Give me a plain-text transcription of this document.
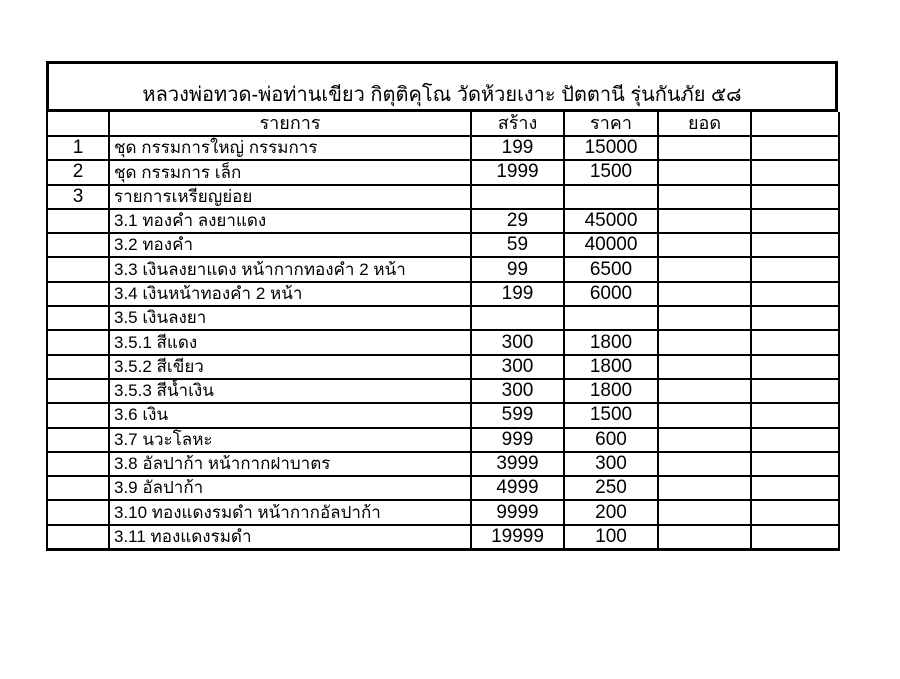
หลวงพ่อทวด-พ่อท่านเขียว กิตุติคุโณ วัดห้วยเงาะ ปัตตานี รุ่นกันภัย ๕๘
	รายการ	สร้าง	ราคา	ยอด	
1	ชุด กรรมการใหญ่ กรรมการ	199	15000		
2	ชุด กรรมการ เล็ก	1999	1500		
3	รายการเหรียญย่อย				
	3.1 ทองคำ ลงยาแดง	29	45000		
	3.2 ทองคำ	59	40000		
	3.3 เงินลงยาแดง หน้ากากทองคำ 2 หน้า	99	6500		
	3.4 เงินหน้าทองคำ 2 หน้า	199	6000		
	3.5 เงินลงยา				
	3.5.1 สีแดง	300	1800		
	3.5.2 สีเขียว	300	1800		
	3.5.3 สีน้ำเงิน	300	1800		
	3.6 เงิน	599	1500		
	3.7 นวะโลหะ	999	600		
	3.8 อัลปาก้า หน้ากากฝาบาตร	3999	300		
	3.9 อัลปาก้า	4999	250		
	3.10 ทองแดงรมดำ หน้ากากอัลปาก้า	9999	200		
	3.11 ทองแดงรมดำ	19999	100		
